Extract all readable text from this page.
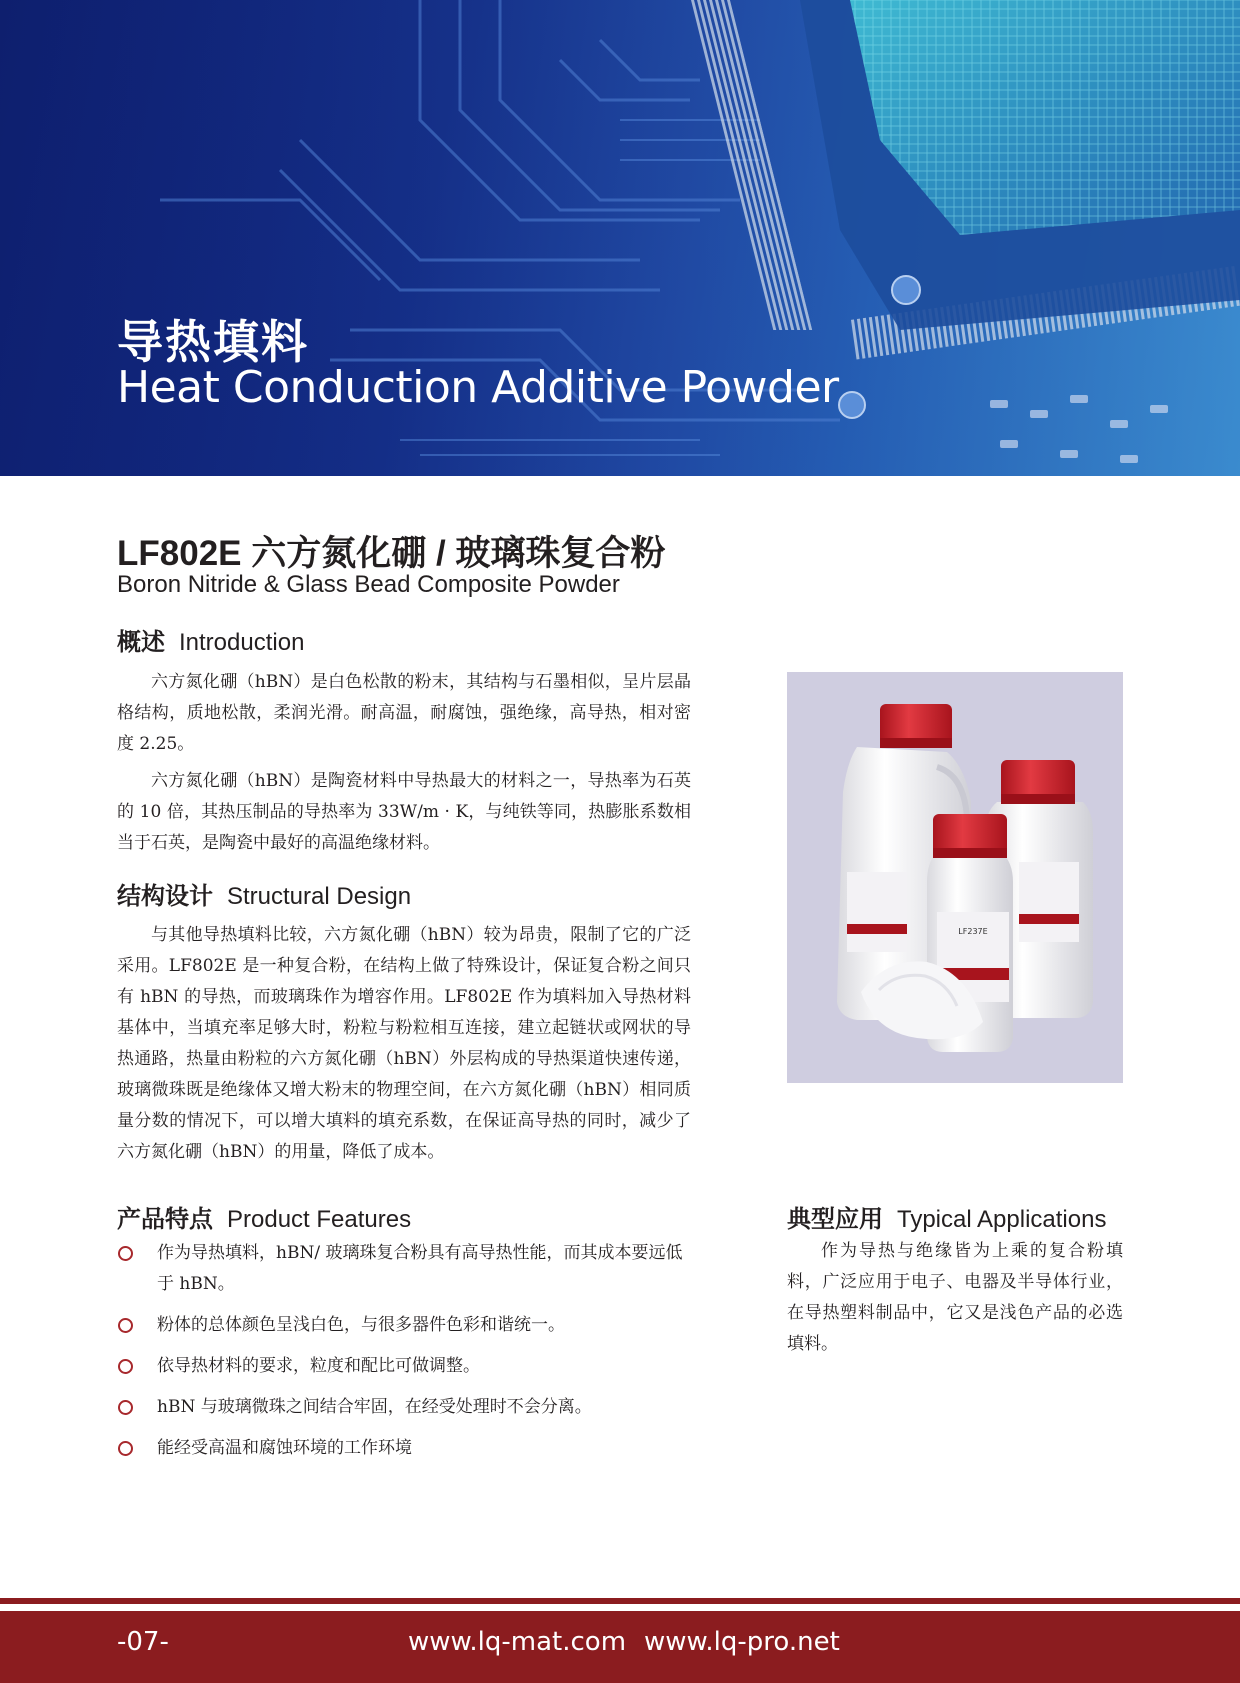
导热填料
Heat Conduction Additive Powder
LF802E 六方氮化硼 / 玻璃珠复合粉
Boron Nitride & Glass Bead Composite Powder
概述 Introduction

六方氮化硼（hBN）是白色松散的粉末，其结构与石墨相似，呈片层晶格结构，质地松散，柔润光滑。耐高温，耐腐蚀，强绝缘，高导热，相对密度 2.25。

六方氮化硼（hBN）是陶瓷材料中导热最大的材料之一，导热率为石英的 10 倍，其热压制品的导热率为 33W/m · K，与纯铁等同，热膨胀系数相当于石英，是陶瓷中最好的高温绝缘材料。

结构设计 Structural Design

与其他导热填料比较，六方氮化硼（hBN）较为昂贵，限制了它的广泛采用。LF802E 是一种复合粉，在结构上做了特殊设计，保证复合粉之间只有 hBN 的导热，而玻璃珠作为增容作用。LF802E 作为填料加入导热材料基体中，当填充率足够大时，粉粒与粉粒相互连接，建立起链状或网状的导热通路，热量由粉粒的六方氮化硼（hBN）外层构成的导热渠道快速传递，玻璃微珠既是绝缘体又增大粉末的物理空间，在六方氮化硼（hBN）相同质量分数的情况下，可以增大填料的填充系数，在保证高导热的同时，减少了六方氮化硼（hBN）的用量，降低了成本。

产品特点 Product Features
作为导热填料，hBN/ 玻璃珠复合粉具有高导热性能，而其成本要远低于 hBN。
粉体的总体颜色呈浅白色，与很多器件色彩和谐统一。
依导热材料的要求，粒度和配比可做调整。
hBN 与玻璃微珠之间结合牢固，在经受处理时不会分离。
能经受高温和腐蚀环境的工作环境
LF237E
典型应用 Typical Applications

作为导热与绝缘皆为上乘的复合粉填料，广泛应用于电子、电器及半导体行业，在导热塑料制品中，它又是浅色产品的必选填料。

-07-	www.lq-mat.com www.lq-pro.net
